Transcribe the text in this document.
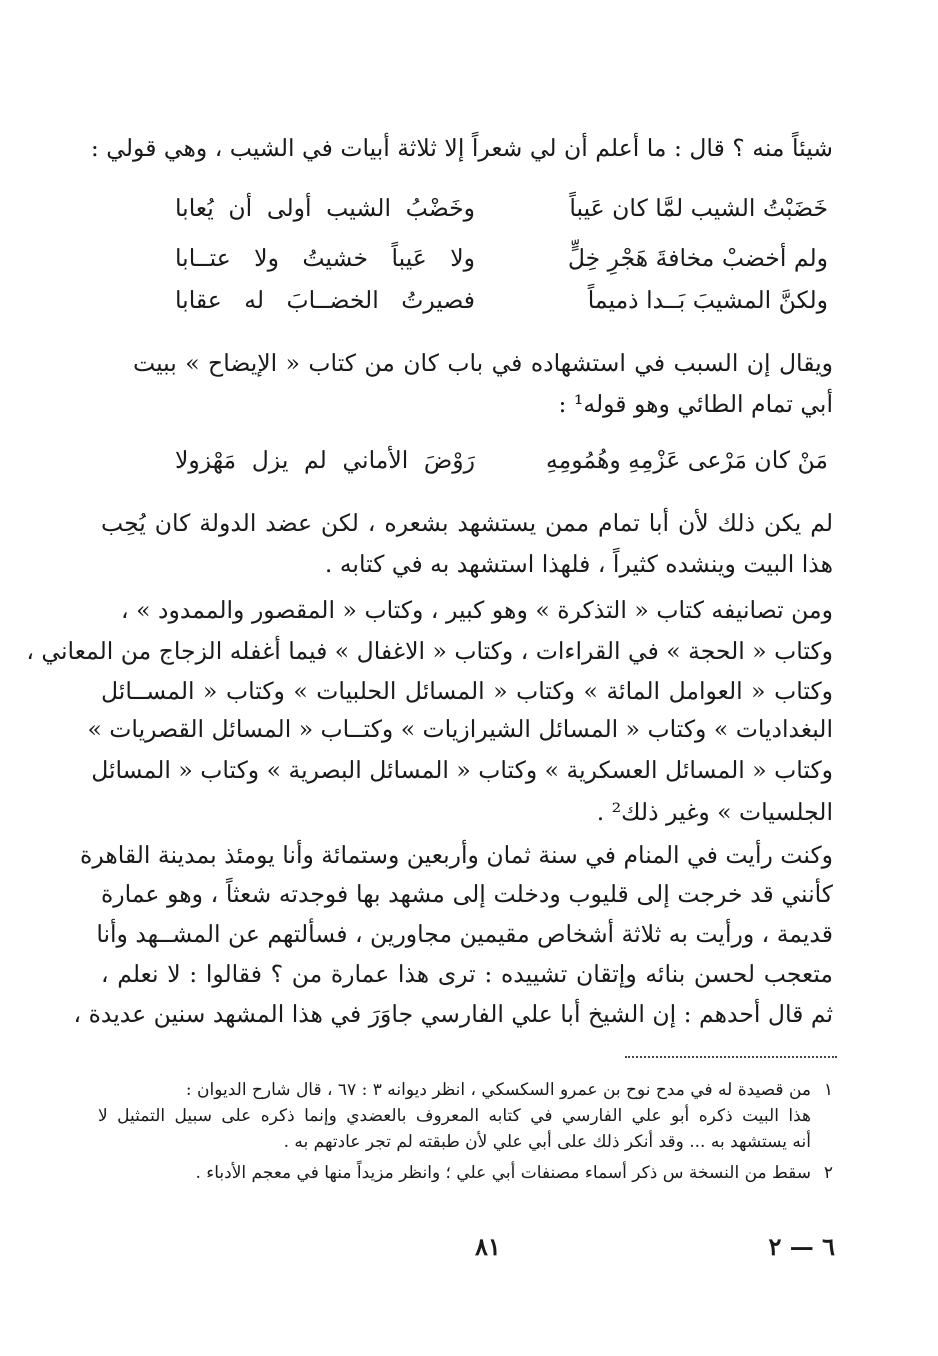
شيئاً منه ؟ قال : ما أعلم أن لي شعراً إلا ثلاثة أبيات في الشيب ، وهي قولي :
خَضَبْتُ الشيب لمَّا كان عَيباً
وخَضْبُ الشيب أولى أن يُعابا
ولم أخضبْ مخافةَ هَجْرِ خِلٍّ
ولا عَيباً خشيتُ ولا عتــابا
ولكنَّ المشيبَ بَــدا ذميماً
فصيرتُ الخضــابَ له عقابا
ويقال إن السبب في استشهاده في باب كان من كتاب « الإيضاح » ببيت
أبي تمام الطائي وهو قوله¹ :
مَنْ كان مَرْعى عَزْمِهِ وهُمُومِهِ
رَوْضَ الأماني لم يزل مَهْزولا
لم يكن ذلك لأن أبا تمام ممن يستشهد بشعره ، لكن عضد الدولة كان يُحِب
هذا البيت وينشده كثيراً ، فلهذا استشهد به في كتابه .
ومن تصانيفه كتاب « التذكرة » وهو كبير ، وكتاب « المقصور والممدود » ،
وكتاب « الحجة » في القراءات ، وكتاب « الاغفال » فيما أغفله الزجاج من المعاني ،
وكتاب « العوامل المائة » وكتاب « المسائل الحلبيات » وكتاب « المســائل
البغداديات » وكتاب « المسائل الشيرازيات » وكتــاب « المسائل القصريات »
وكتاب « المسائل العسكرية » وكتاب « المسائل البصرية » وكتاب « المسائل
الجلسيات » وغير ذلك² .
وكنت رأيت في المنام في سنة ثمان وأربعين وستمائة وأنا يومئذ بمدينة القاهرة
كأنني قد خرجت إلى قليوب ودخلت إلى مشهد بها فوجدته شعثاً ، وهو عمارة
قديمة ، ورأيت به ثلاثة أشخاص مقيمين مجاورين ، فسألتهم عن المشــهد وأنا
متعجب لحسن بنائه وإتقان تشييده : ترى هذا عمارة من ؟ فقالوا : لا نعلم ،
ثم قال أحدهم : إن الشيخ أبا علي الفارسي جاوَرَ في هذا المشهد سنين عديدة ،
١من قصيدة له في مدح نوح بن عمرو السكسكي ، انظر ديوانه ٣ : ٦٧ ، قال شارح الديوان :
هذا البيت ذكره أبو علي الفارسي في كتابه المعروف بالعضدي وإنما ذكره على سبيل التمثيل لا
أنه يستشهد به ... وقد أنكر ذلك على أبي علي لأن طبقته لم تجر عادتهم به .
٢سقط من النسخة س ذكر أسماء مصنفات أبي علي ؛ وانظر مزيداً منها في معجم الأدباء .
٨١	٦ — ٢
